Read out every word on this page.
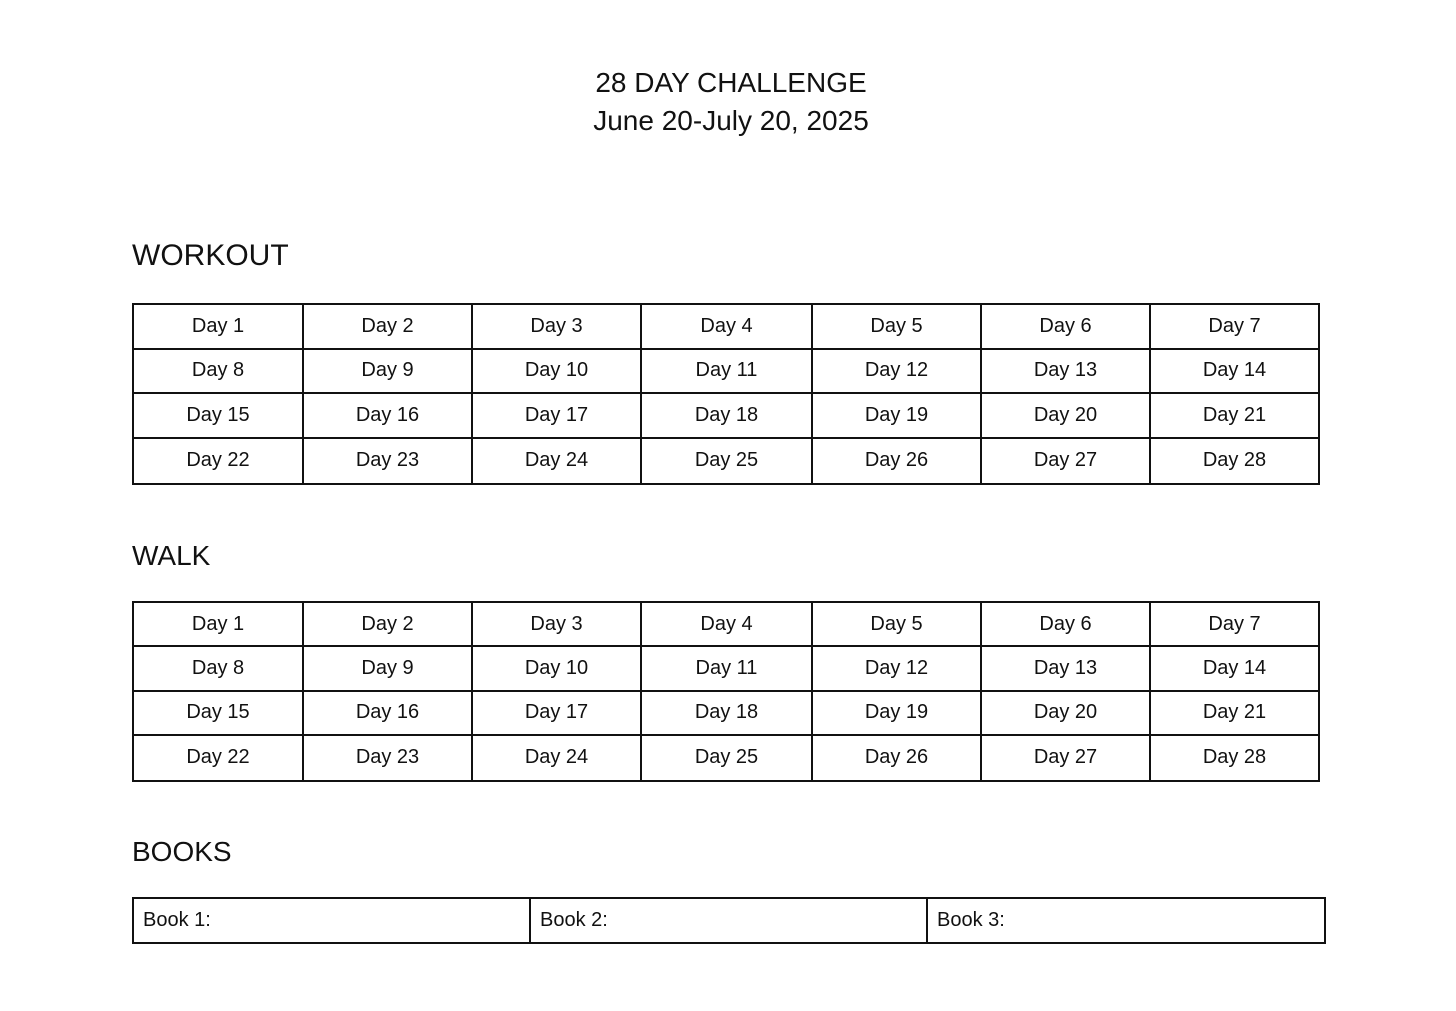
28 DAY CHALLENGE
June 20-July 20, 2025
WORKOUT
Day 1	Day 2	Day 3	Day 4	Day 5	Day 6	Day 7
Day 8	Day 9	Day 10	Day 11	Day 12	Day 13	Day 14
Day 15	Day 16	Day 17	Day 18	Day 19	Day 20	Day 21
Day 22	Day 23	Day 24	Day 25	Day 26	Day 27	Day 28
WALK
Day 1	Day 2	Day 3	Day 4	Day 5	Day 6	Day 7
Day 8	Day 9	Day 10	Day 11	Day 12	Day 13	Day 14
Day 15	Day 16	Day 17	Day 18	Day 19	Day 20	Day 21
Day 22	Day 23	Day 24	Day 25	Day 26	Day 27	Day 28
BOOKS
Book 1:	Book 2:	Book 3:
